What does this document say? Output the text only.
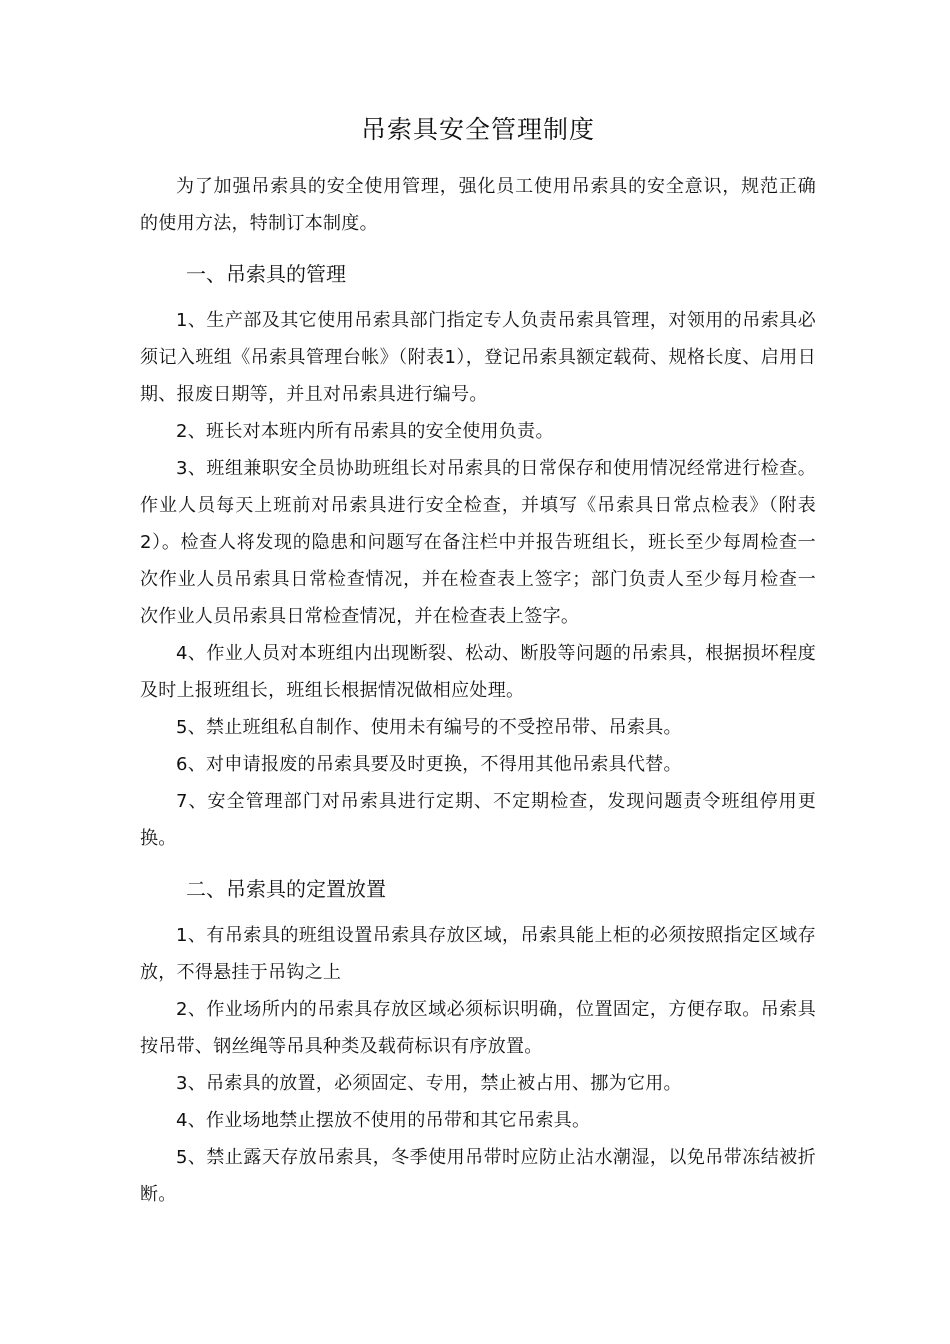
吊索具安全管理制度

为了加强吊索具的安全使用管理，强化员工使用吊索具的安全意识，规范正确的使用方法，特制订本制度。

一、吊索具的管理

1、生产部及其它使用吊索具部门指定专人负责吊索具管理，对领用的吊索具必须记入班组《吊索具管理台帐》（附表1），登记吊索具额定载荷、规格长度、启用日期、报废日期等，并且对吊索具进行编号。

2、班长对本班内所有吊索具的安全使用负责。

3、班组兼职安全员协助班组长对吊索具的日常保存和使用情况经常进行检查。作业人员每天上班前对吊索具进行安全检查，并填写《吊索具日常点检表》（附表2）。检查人将发现的隐患和问题写在备注栏中并报告班组长，班长至少每周检查一次作业人员吊索具日常检查情况，并在检查表上签字；部门负责人至少每月检查一次作业人员吊索具日常检查情况，并在检查表上签字。

4、作业人员对本班组内出现断裂、松动、断股等问题的吊索具，根据损坏程度及时上报班组长，班组长根据情况做相应处理。

5、禁止班组私自制作、使用未有编号的不受控吊带、吊索具。

6、对申请报废的吊索具要及时更换，不得用其他吊索具代替。

7、安全管理部门对吊索具进行定期、不定期检查，发现问题责令班组停用更换。

二、吊索具的定置放置

1、有吊索具的班组设置吊索具存放区域，吊索具能上柜的必须按照指定区域存放，不得悬挂于吊钩之上

2、作业场所内的吊索具存放区域必须标识明确，位置固定，方便存取。吊索具按吊带、钢丝绳等吊具种类及载荷标识有序放置。

3、吊索具的放置，必须固定、专用，禁止被占用、挪为它用。

4、作业场地禁止摆放不使用的吊带和其它吊索具。

5、禁止露天存放吊索具，冬季使用吊带时应防止沾水潮湿，以免吊带冻结被折断。
